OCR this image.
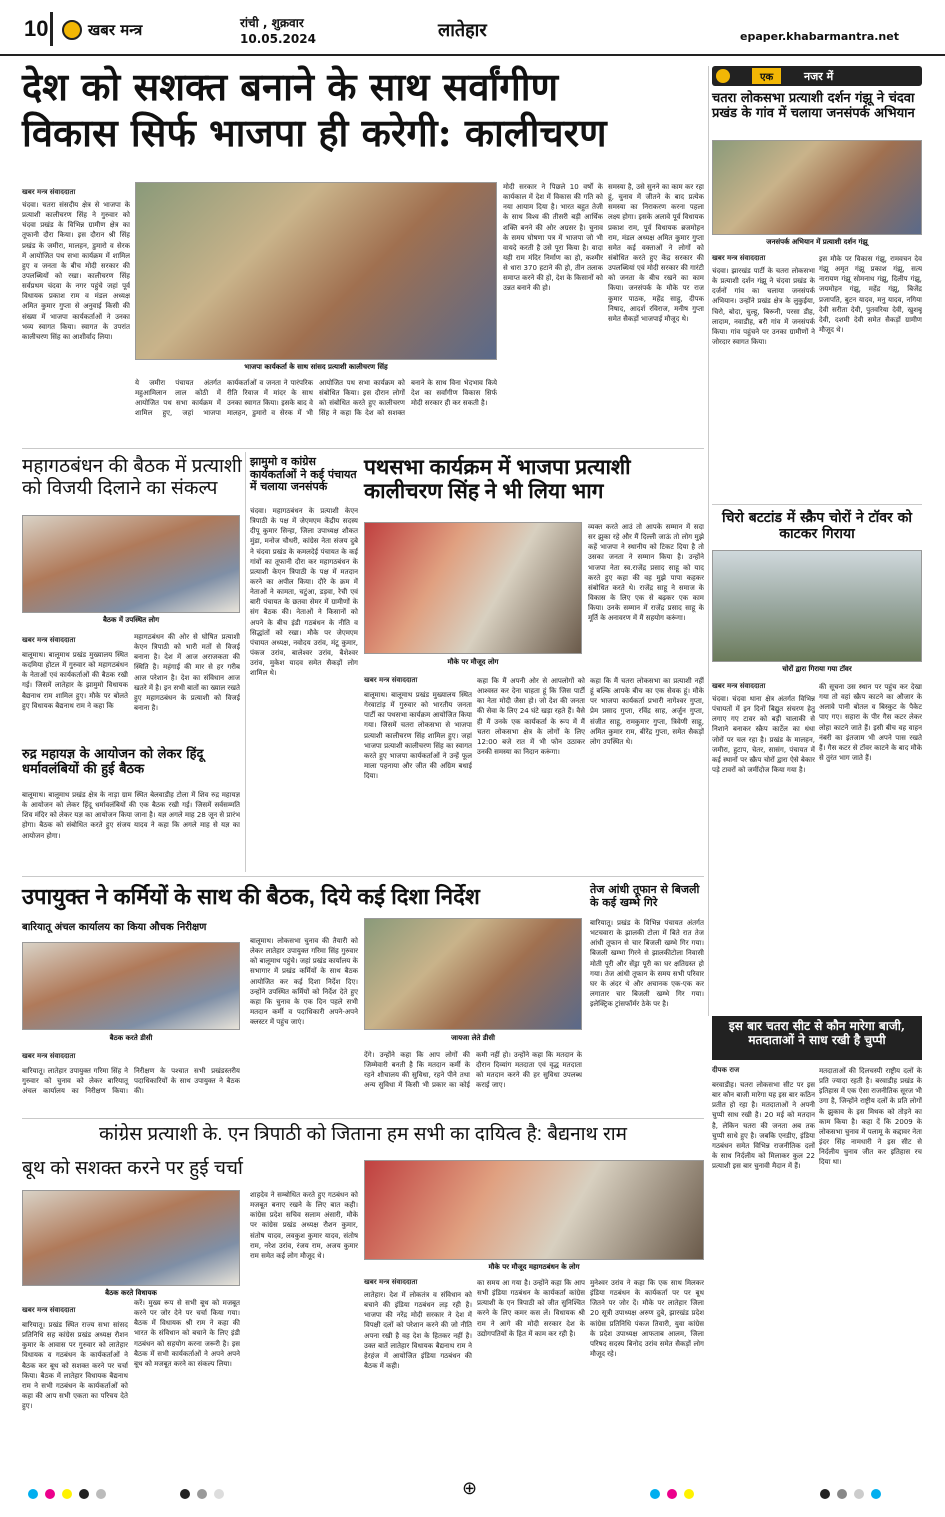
10	खबर मन्त्र	रांची , शुक्रवार
10.05.2024	लातेहार	epaper.khabarmantra.net
देश को सशक्त बनाने के साथ सर्वांगीण
विकास सिर्फ भाजपा ही करेगी: कालीचरण
खबर मन्त्र संवाददाता
चंदवा। चतरा संसदीय क्षेत्र से भाजपा के प्रत्याशी कालीचरण सिंह ने गुरुवार को चंदवा प्रखंड के विभिन्न ग्रामीण क्षेत्र का तूफानी दौरा किया। इस दौरान श्री सिंह प्रखंड के जमीरा, मालहन, डुमारो व सेरक में आयोजित पथ सभा कार्यक्रम में शामिल हुए व जनता के बीच मोदी सरकार की उपलब्धियों को रखा। कालीचरण सिंह सर्वप्रथम चंदवा के नगर पहुंचे जहां पूर्व विधायक प्रकाश राम व मंडल अध्यक्ष अमित कुमार गुप्ता से अनुवाई किसी की संख्या में भाजपा कार्यकर्ताओं ने उनका भव्य स्वागत किया। स्वागत के उपरांत कालीचरण सिंह का आशीर्वाद लिया।
भाजपा कार्यकर्ता के साथ सांसद प्रत्याशी कालीचरण सिंह
मोदी सरकार ने पिछले 10 वर्षों के कार्यकाल में देश में विकास की गति को नया आयाम दिया है। भारत बहुत तेजी के साथ विश्व की तीसरी बड़ी आर्थिक शक्ति बनने की ओर अग्रसर है। चुनाव के समय घोषणा पत्र में भाजपा जो भी वायदे करती है उसे पूरा किया है। वादा यही राम मंदिर निर्माण का हो, कश्मीर से धारा 370 हटाने की हो, तीन तलाक समाप्त करने की हो, देश के किसानों को उन्नत बनाने की हो।
समस्या है, उसे सुनने का काम कर रहा हूं, चुनाव में जीतने के बाद प्रत्येक समस्या का निराकरण करना पहला लक्ष्य होगा। इसके अलावे पूर्व विधायक प्रकाश राम, पूर्व विधायक ब्रजमोहन राम, मंडल अध्यक्ष अमित कुमार गुप्ता समेत कई वक्ताओं ने लोगों को संबोधित करते हुए केंद्र सरकार की उपलब्धियां एवं मोदी सरकार की गारंटी को जनता के बीच रखने का काम किया। जनसंपर्क के मौके पर राज कुमार पाठक, महेंद्र साहु, दीपक निषाद, आदर्श रविराज, मनीष गुप्ता समेत सैकड़ों भाजपाई मौजूद थे।
ये जमीरा पंचायत अंतर्गत महुआमिलान लाल कोठी में आयोजित पथ सभा कार्यक्रम में शामिल हुए, जहां भाजपा कार्यकर्ताओं व जनता ने पारंपरिक रीति रिवाज में मांदर के साथ उनका स्वागत किया। इसके बाद वे मालहन, डुमारो व सेरक में भी आयोजित पथ सभा कार्यक्रम को संबोधित किया। इस दौरान लोगों को संबोधित करते हुए कालीचरण सिंह ने कहा कि देश को सशक्त बनाने के साथ विना भेदभाव किये देश का सर्वांगीण विकास सिर्फ मोदी सरकार ही कर सकती है।
एक	नजर में
चतरा लोकसभा प्रत्याशी दर्शन गंझू ने चंदवा प्रखंड के गांव में चलाया जनसंपर्क अभियान
जनसंपर्क अभियान में प्रत्याशी दर्शन गंझू
खबर मन्त्र संवाददाता
चंदवा। झारखंड पार्टी के चतरा लोकसभा के प्रत्याशी दर्शन गंझू ने चंदवा प्रखंड के दर्जनों गांव का चलाया जनसंपर्क अभियान। उन्होंने प्रखंड क्षेत्र के लुकुईया, चिरो, बोदा, चुल्हू, बिरूनी, परसा डीह, लादाम, नवाडीह, बरी गांव में जनसंपर्क किया। गांव पहुंचने पर उनका ग्रामीणों ने जोरदार स्वागत किया।
इस मौके पर विकास गंझू, रामवचन देव गंझू अमृत गंझू प्रकाश गंझू, सत्य नारायण गंझू सोमनाथ गंझू, दिलीप गंझू, जयमोहन गंझू, महेंद्र गंझू, बिजेंद्र प्रजापति, बुटन यादव, मनु यादव, नगिया देवी सरीता देवी, पुतवरिया देवी, खुशबू देवी, दशमी देवी समेत सैकड़ों ग्रामीण मौजूद थे।
महागठबंधन की बैठक में प्रत्याशी को विजयी दिलाने का संकल्प
बैठक में उपस्थित लोग
खबर मन्त्र संवाददाता
बालूमाथ। बालूमाथ प्रखंड मुख्यालय स्थित कदमिया होटल में गुरुवार को महागठबंधन के नेताओं एवं कार्यकर्ताओं की बैठक रखी गई। जिसमें लातेहार के झामुमो विधायक बैद्यनाथ राम शामिल हुए। मौके पर बोलते हुए विधायक बैद्यनाथ राम ने कहा कि
महागठबंधन की ओर से घोषित प्रत्याशी केएन त्रिपाठी को भारी मतों से विजई बनाना है। देश में आज अराजकता की स्थिति है। महंगाई की मार से हर गरीब आज परेशान है। देश का संविधान आज खतरे में है। इन सभी बातों का ख्याल रखते हुए महागठबंधन के प्रत्याशी को विजई बनाना है।
रुद्र महायज्ञ के आयोजन को लेकर हिंदू धर्मावलंबियों की हुई बैठक
बालूमाथ। बालूमाथ प्रखंड क्षेत्र के नाड़ा ग्राम स्थित बेलवाडीह टोला में शिव रुद्र महायज्ञ के आयोजन को लेकर हिंदू धर्मावलंबियों की एक बैठक रखी गई। जिसमें सर्वसम्मति शिव मंदिर को लेकर यज्ञ का आयोजन किया जाना है। यज्ञ अगले माह 28 जून से प्रारंभ होगा। बैठक को संबोधित करते हुए संजय यादव ने कहा कि अगले माह से यज्ञ का आयोजन होगा।
झामुमो व कांग्रेस कार्यकर्ताओं ने कई पंचायत में चलाया जनसंपर्क
चंदवा। महागठबंधन के प्रत्याशी केएन त्रिपाठी के पक्ष में जेएमएम केंद्रीय सदस्य दीपू कुमार सिन्हा, जिला उपाध्यक्ष शौकत मुंडा, मनोज चौधरी, कांग्रेस नेता संजय दुबे ने चंदवा प्रखंड के कमलदेई पंचायत के कई गांवों का तूफानी दौरा कर महागठबंधन के प्रत्याशी केएन त्रिपाठी के पक्ष में मतदान करने का अपील किया। दौरे के क्रम में नेताओं ने कामता, चटुंआ, डड़वा, रेची एवं बारी पंचायत के छतवा सेमर में ग्रामीणों के संग बैठक की। नेताओं ने किसानों को अपने के बीच इंडी गठबंधन के नीति व सिद्धांतों को रखा। मौके पर जेएमएम पंचायत अध्यक्ष, नवोदय उरांव, मंटू कुमार, पंकज उरांव, बालेश्वर उरांव, बैशेश्वर उरांव, मुकेश यादव समेत सैकड़ों लोग शामिल थे।
पथसभा कार्यक्रम में भाजपा प्रत्याशी कालीचरण सिंह ने भी लिया भाग
मौके पर मौजूद लोग
व्यक्त करते आउं तो आपके सम्मान में सदा सर झुका रहे और मैं दिल्ली जाऊं तो लोग मुझे कहें भाजपा ने स्थानीय को टिकट दिया है तो उसका जनता ने सम्मान किया है। उन्होंने भाजपा नेता स्व.राजेंद्र प्रसाद साहू को याद करते हुए कहा की वह मुझे पापा कहकर संबोधित करते थे। राजेंद्र साहू ने समाज के विकास के लिए एक से बढ़कर एक काम किया। उनके सम्मान में राजेंद्र प्रसाद साहू के मूर्ति के अनावरण में मैं सहयोग करूंगा।
खबर मन्त्र संवाददाता
बालूमाथ। बालूमाथ प्रखंड मुख्यालय स्थित गेरवाटांड़ में गुरुवार को भारतीय जनता पार्टी का पथसभा कार्यक्रम आयोजित किया गया। जिसमें चतरा लोकसभा से भाजपा प्रत्याशी कालीचरण सिंह शामिल हुए। जहां भाजपा प्रत्याशी कालीचरण सिंह का स्वागत करते हुए भाजपा कार्यकर्ताओं ने उन्हें फूल माला पहनाया और जीत की अग्रिम बधाई दिया।
कहा कि मैं अपनी ओर से आपलोगों को आश्वस्त कर देना चाहता हूं कि जिस पार्टी का नेता मोदी जैसा हो। जो देश की जनता की सेवा के लिए 24 घंटे खड़ा रहते हैं। वैसे ही मैं उनके एक कार्यकर्ता के रूप में मैं चतरा लोकसभा क्षेत्र के लोगों के लिए 12:00 बजे रात में भी फोन उठाकर उनकी समस्या का निदान करूंगा।
कहा कि मैं चतरा लोकसभा का प्रत्याशी नहीं हूं बल्कि आपके बीच का एक सेवक हूं। मौके पर भाजपा कार्यकर्ता प्रभारी नागेश्वर गुप्ता, प्रेम प्रसाद गुप्ता, रविंद्र साह, अर्जुन गुप्ता, संजीत साहू, रामकुमार गुप्ता, त्रिवेणी साहू, अमित कुमार राम, बीरेंद्र गुप्ता, समेत सैकड़ों लोग उपस्थित थे।
चिरो बटटांड में स्क्रैप चोरों ने टॉवर को काटकर गिराया
चोरों द्वारा गिराया गया टॉवर
खबर मन्त्र संवाददाता
चंदवा। चंदवा थाना क्षेत्र अंतर्गत विभिन्न पंचायतों में इन दिनों बिद्युत संचरण हेतु लगाए गए टावर को बड़ी चालाकी से निशाने बनाकर स्क्रैप कार्टेल का धंधा जोरों पर चल रहा है। प्रखंड के मालहन, जमीरा, हुटाप, चेतर, सासंग, पंचायत में कई स्थानों पर स्क्रैप चोरों द्वारा ऐसे बेकार पड़े टावरों को जमींदोज किया गया है।
की सूचना उस स्थान पर पहुंच कर देखा गया तो वहां स्क्रैप काटने का औजार के अलावे पानी बोतल व बिस्कुट के पैकेट पाए गए। सहारा के पीर गैस कटर लेकर लोहा काटने जाते हैं। इसी बीच वह वाहन नंबरी का इंतजाम भी अपने पास रखते हैं। गैस कटर से टॉवर काटने के बाद मौके से तुरंत भाग जाते हैं।
उपायुक्त ने कर्मियों के साथ की बैठक, दिये कई दिशा निर्देश
बारियातू अंचल कार्यालय का किया औचक निरीक्षण
बैठक करते डीसी
खबर मन्त्र संवाददाता
बारियातू। लातेहार उपायुक्त गरिमा सिंह ने गुरुवार को चुनाव को लेकर बारियातू अंचल कार्यालय का निरीक्षण किया। निरीक्षण के पश्चात सभी प्रखंडस्तरीय पदाधिकारियों के साथ उपायुक्त ने बैठक की।
बालूमाथ। लोकसभा चुनाव की तैयारी को लेकर लातेहार उपायुक्त गरिमा सिंह गुरुवार को बालूमाथ पहुंचे। जहां प्रखंड कार्यालय के सभागार में प्रखंड कर्मियों के साथ बैठक आयोजित कर कई दिशा निर्देश दिए। उन्होंने उपस्थित कर्मियों को निर्देश देते हुए कहा कि चुनाव के एक दिन पहले सभी मतदान कर्मी व पदाधिकारी अपने-अपने क्लस्टर में पहुंच जाएं।
जायजा लेते डीसी
देंगे। उन्होंने कहा कि आप लोगों की जिम्मेवारी बनती है कि मतदान कर्मी के रहने शौचालय की सुविधा, रहने पीने तथा अन्य सुविधा में किसी भी प्रकार का कोई कमी नहीं हो। उन्होंने कहा कि मतदान के दौरान दिव्यांग मतदाता एवं वृद्ध मतदाता को मतदान करने की हर सुविधा उपलब्ध कराई जाए।
तेज आंधी तूफान से बिजली के कई खम्भे गिरे
बारियातू। प्रखंड के विभिन्न पंचायत अंतर्गत भटचवारा के झालकी टोला में बिते रात तेज आंधी तूफान से चार बिजली खम्भे गिर गया। बिजली खम्भा गिरने से झालकीटोला निवासी मोती पूरी और सेंड्रा पूरी का घर क्षतिग्रस्त हो गया। तेज आंधी तूफान के समय सभी परिवार घर के अंदर थे और अचानक एक-एक कर लगातार चार बिजली खम्भे गिर गया। इलेक्ट्रिक ट्रांसफॉर्मर ठेके पर है।
इस बार चतरा सीट से कौन मारेगा बाजी, मतदाताओं ने साध रखी है चुप्पी
दीपक राज
बरवाडीह। चतरा लोकसभा सीट पर इस बार कौन बाजी मारेगा यह इस बार कठिन प्रतीत हो रहा है। मतदाताओं ने अपनी चुप्पी साध रखी है। 20 मई को मतदान है, लेकिन चतरा की जनता अब तक चुप्पी साधे हुए है। जबकि एनडीए, इंडिया गठबंधन समेत विभिन्न राजनीतिक दलों के साथ निर्दलीय को मिलाकर कुल 22 प्रत्याशी इस बार चुनावी मैदान में हैं।
मतदाताओं की दिलचस्पी राष्ट्रीय दलों के प्रति ज्यादा रहती है। बरवाडीह प्रखंड के इतिहास में एक ऐसा राजनीतिक सूरज भी उगा है, जिन्होंने राष्ट्रीय दलों के प्रति लोगों के झुकाव के इस मिथक को तोड़ने का काम किया है। कहा दें कि 2009 के लोकसभा चुनाव में पलामू के कद्दावर नेता इंदर सिंह नामधारी ने इस सीट से निर्दलीय चुनाव जीत कर इतिहास रच दिया था।
कांग्रेस प्रत्याशी के. एन त्रिपाठी को जिताना हम सभी का दायित्व है: बैद्यनाथ राम
मौके पर मौजूद महागठबंधन के लोग
खबर मन्त्र संवाददाता
लातेहार। देश में लोकतंत्र व संविधान को बचाने की इंडिया गठबंधन लड़ रही है। भाजपा की नरेंद्र मोदी सरकार ने देश में विपक्षी दलों को परेशान करने की जो नीति अपना रखी है वह देश के हितकर नहीं है। उक्त बातें लातेहार विधायक बैद्यनाथ राम ने हेरहंज में आयोजित इंडिया गठबंधन की बैठक में कही।
का समय आ गया है। उन्होंने कहा कि आप सभी इंडिया गठबंधन के कार्यकर्ता कांग्रेस प्रत्याशी के एन त्रिपाठी को जीत सुनिश्चित करने के लिए कमर कस लें। विधायक श्री राम ने आगे की मोदी सरकार देश के उद्योगपतियों के हित में काम कर रही है।
मुनेश्वर उरांव ने कहा कि एक साथ मिलकर इंडिया गठबंधन के कार्यकर्ता पर पर बूथ जितने पर जोर दें। मौके पर लातेहार जिला 20 सूत्री उपाध्यक्ष अरुण दुबे, झारखंड प्रदेश कांग्रेस प्रतिनिधि पंकज तिवारी, युवा कांग्रेस के प्रदेश उपाध्यक्ष आफताब आलम, जिला परिषद सदस्य बिनोद उरांव समेत सैकड़ों लोग मौजूद रहे।
बूथ को सशक्त करने पर हुई चर्चा
बैठक करते विधायक
खबर मन्त्र संवाददाता
बारियातू। प्रखंड स्थित राज्य सभा सांसद प्रतिनिधि सह कांग्रेस प्रखंड अध्यक्ष रौशन कुमार के आवास पर गुरुवार को लातेहार विधायक व गठबंधन के कार्यकर्ताओं ने बैठक कर बूथ को सशक्त करने पर चर्चा किया। बैठक में लातेहार विधायक बैद्यनाथ राम ने सभी गठबंधन के कार्यकर्ताओं को कहा की आप सभी एकता का परिचय देते हुए।
करें। मुख्य रूप से सभी बूथ को मजबूत करने पर जोर देने पर चर्चा किया गया। बैठक में विधायक श्री राम ने कहा की भारत के संविधान को बचाने के लिए इंडी गठबंधन को सहयोग करना जरूरी है। इस बैठक में सभी कार्यकर्ताओं ने अपने अपने बूथ को मजबूत करने का संकल्प लिया।
शाहदेव ने सम्बोधित करते हुए गठबंधन को मजबूत बनाए रखने के लिए बात कही। कांग्रेस प्रदेश सचिव सलाम अंसारी, मौके पर कांग्रेस प्रखंड अध्यक्ष रौशन कुमार, संतोष यादव, लवकुश कुमार यादव, संतोष राम, नरेश उरांव, रंजय राम, अजय कुमार राम समेत कई लोग मौजूद थे।

⊕
